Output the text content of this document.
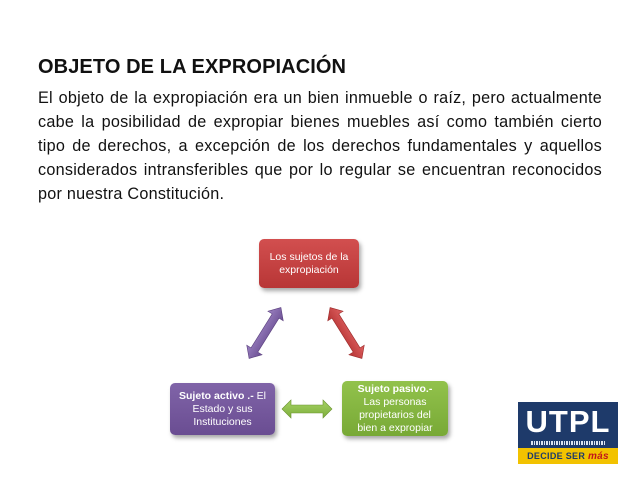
OBJETO DE LA EXPROPIACIÓN
El objeto de la expropiación era un bien inmueble o raíz, pero actualmente cabe la posibilidad de expropiar bienes muebles así como también cierto tipo de derechos, a excepción de los derechos fundamentales y aquellos considerados intransferibles que por lo regular se encuentran reconocidos por nuestra Constitución.
Los sujetos de la expropiación
Sujeto activo .- El Estado y sus Instituciones
Sujeto pasivo.- Las personas propietarios del bien a expropiar	UTPL
DECIDE SER más
